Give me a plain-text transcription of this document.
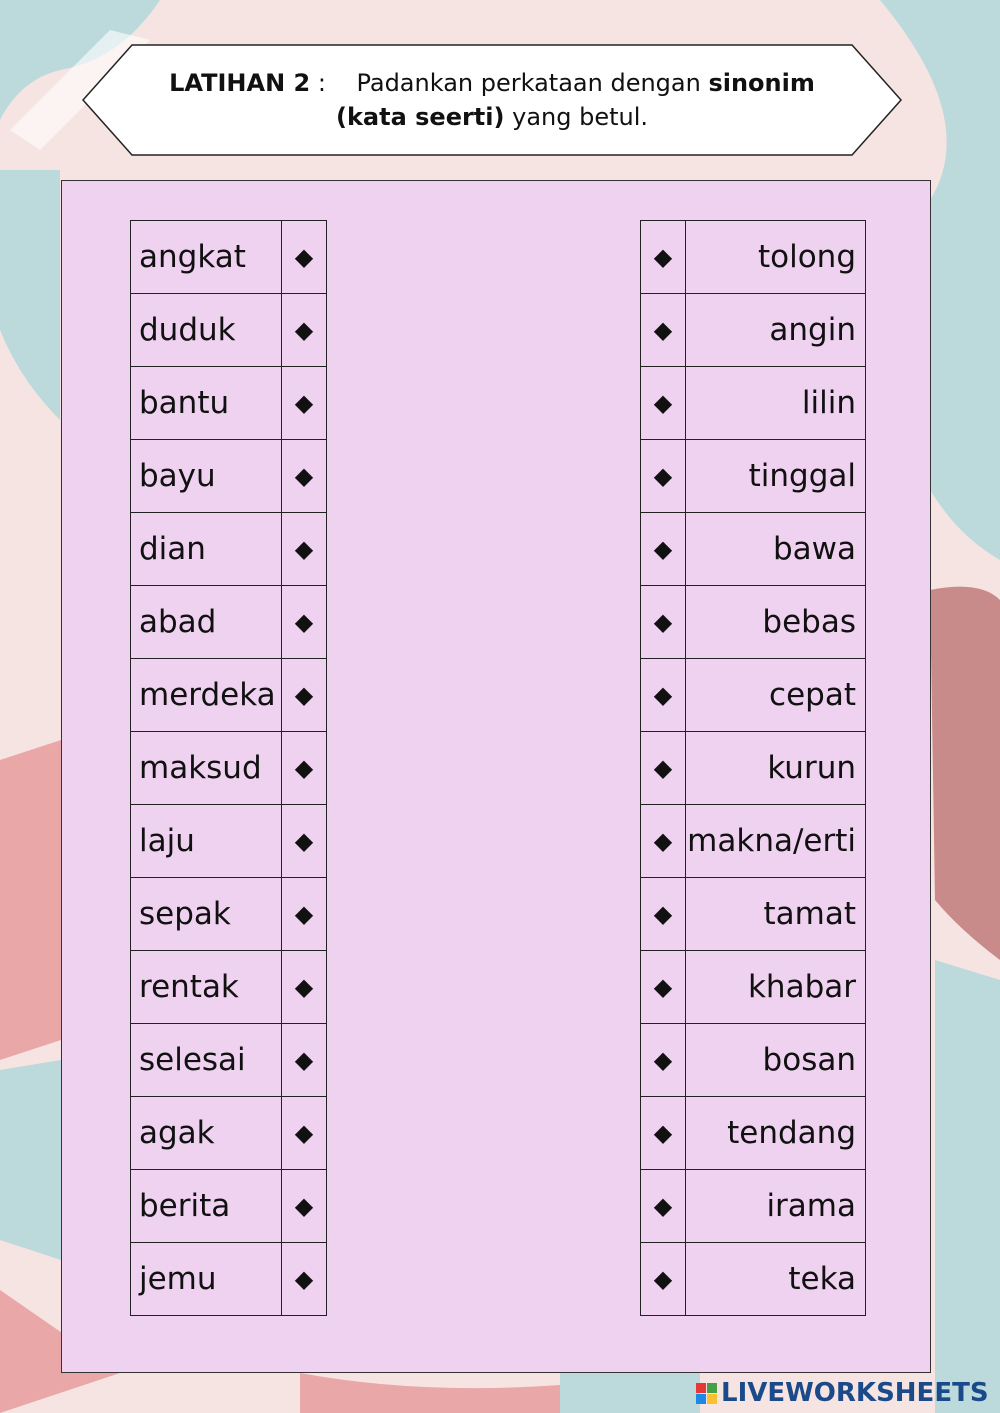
LATIHAN 2 : Padankan perkataan dengan sinonim
(kata seerti) yang betul.
angkat	◆
duduk	◆
bantu	◆
bayu	◆
dian	◆
abad	◆
merdeka	◆
maksud	◆
laju	◆
sepak	◆
rentak	◆
selesai	◆
agak	◆
berita	◆
jemu	◆
◆	tolong
◆	angin
◆	lilin
◆	tinggal
◆	bawa
◆	bebas
◆	cepat
◆	kurun
◆	makna/erti
◆	tamat
◆	khabar
◆	bosan
◆	tendang
◆	irama
◆	teka
LIVEWORKSHEETS
